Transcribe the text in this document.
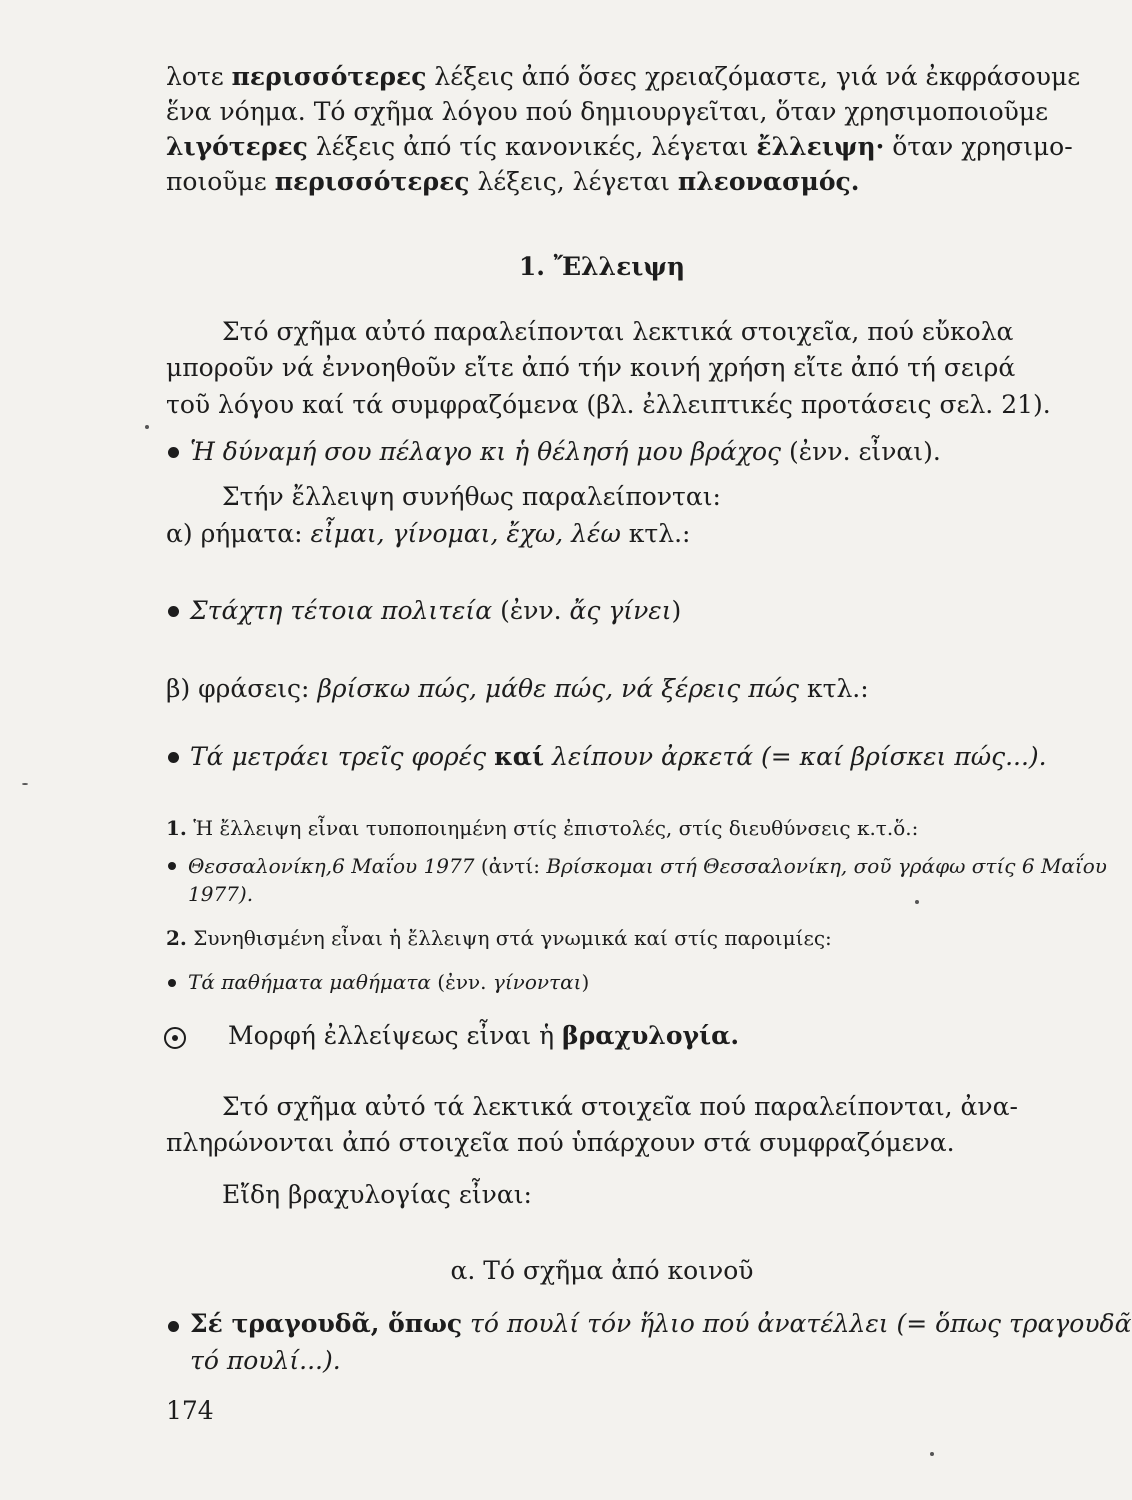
λοτε περισσότερες λέξεις ἀπό ὅσες χρειαζόμαστε, γιά νά ἐκφράσουμε
ἕνα νόημα. Τό σχῆμα λόγου πού δημιουργεῖται, ὅταν χρησιμοποιοῦμε
λιγότερες λέξεις ἀπό τίς κανονικές, λέγεται ἔλλειψη· ὅταν χρησιμο-
ποιοῦμε περισσότερες λέξεις, λέγεται πλεονασμός.
1. Ἔλλειψη
Στό σχῆμα αὐτό παραλείπονται λεκτικά στοιχεῖα, πού εὔκολα
μποροῦν νά ἐννοηθοῦν εἴτε ἀπό τήν κοινή χρήση εἴτε ἀπό τή σειρά
τοῦ λόγου καί τά συμφραζόμενα (βλ. ἐλλειπτικές προτάσεις σελ. 21).
Ἡ δύναμή σου πέλαγο κι ἡ θέλησή μου βράχος (ἐνν. εἶναι).
Στήν ἔλλειψη συνήθως παραλείπονται:
α) ρήματα: εἶμαι, γίνομαι, ἔχω, λέω κτλ.:
Στάχτη τέτοια πολιτεία (ἐνν. ἄς γίνει)
β) φράσεις: βρίσκω πώς, μάθε πώς, νά ξέρεις πώς κτλ.:
Τά μετράει τρεῖς φορές καί λείπουν ἀρκετά (= καί βρίσκει πώς...).
1. Ἡ ἔλλειψη εἶναι τυποποιημένη στίς ἐπιστολές, στίς διευθύνσεις κ.τ.ὅ.:
Θεσσαλονίκη,6 Μαΐου 1977 (ἀντί: Βρίσκομαι στή Θεσσαλονίκη, σοῦ γράφω στίς 6 Μαΐου
1977).
2. Συνηθισμένη εἶναι ἡ ἔλλειψη στά γνωμικά καί στίς παροιμίες:
Τά παθήματα μαθήματα (ἐνν. γίνονται)
Μορφή ἐλλείψεως εἶναι ἡ βραχυλογία.
Στό σχῆμα αὐτό τά λεκτικά στοιχεῖα πού παραλείπονται, ἀνα-
πληρώνονται ἀπό στοιχεῖα πού ὑπάρχουν στά συμφραζόμενα.
Εἴδη βραχυλογίας εἶναι:
α. Τό σχῆμα ἀπό κοινοῦ
Σέ τραγουδᾶ, ὅπως τό πουλί τόν ἥλιο πού ἀνατέλλει (= ὅπως τραγουδᾶ
τό πουλί...).
174
